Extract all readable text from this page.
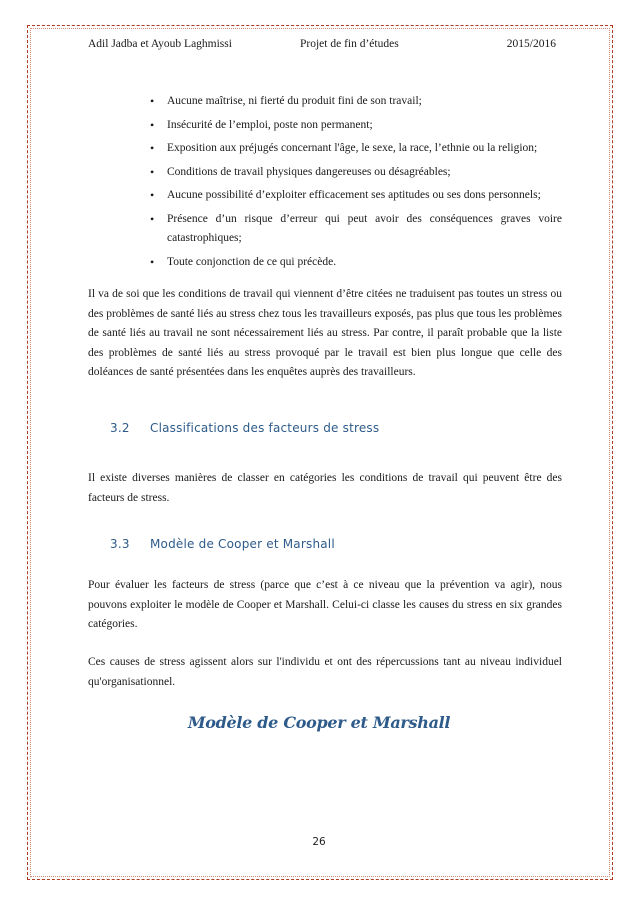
Adil Jadba et Ayoub Laghmissi	Projet de fin d’études	2015/2016
• Aucune maîtrise, ni fierté du produit fini de son travail;
• Insécurité de l’emploi, poste non permanent;
• Exposition aux préjugés concernant l'âge, le sexe, la race, l’ethnie ou la religion;
• Conditions de travail physiques dangereuses ou désagréables;
• Aucune possibilité d’exploiter efficacement ses aptitudes ou ses dons personnels;
• Présence d’un risque d’erreur qui peut avoir des conséquences graves voire catastrophiques;
• Toute conjonction de ce qui précède.

Il va de soi que les conditions de travail qui viennent d’être citées ne traduisent pas toutes un stress ou des problèmes de santé liés au stress chez tous les travailleurs exposés, pas plus que tous les problèmes de santé liés au travail ne sont nécessairement liés au stress. Par contre, il paraît probable que la liste des problèmes de santé liés au stress provoqué par le travail est bien plus longue que celle des doléances de santé présentées dans les enquêtes auprès des travailleurs.

3.2 Classifications des facteurs de stress

Il existe diverses manières de classer en catégories les conditions de travail qui peuvent être des facteurs de stress.

3.3 Modèle de Cooper et Marshall

Pour évaluer les facteurs de stress (parce que c’est à ce niveau que la prévention va agir), nous pouvons exploiter le modèle de Cooper et Marshall. Celui-ci classe les causes du stress en six grandes catégories.

Ces causes de stress agissent alors sur l'individu et ont des répercussions tant au niveau individuel qu'organisationnel.

Modèle de Cooper et Marshall
26
